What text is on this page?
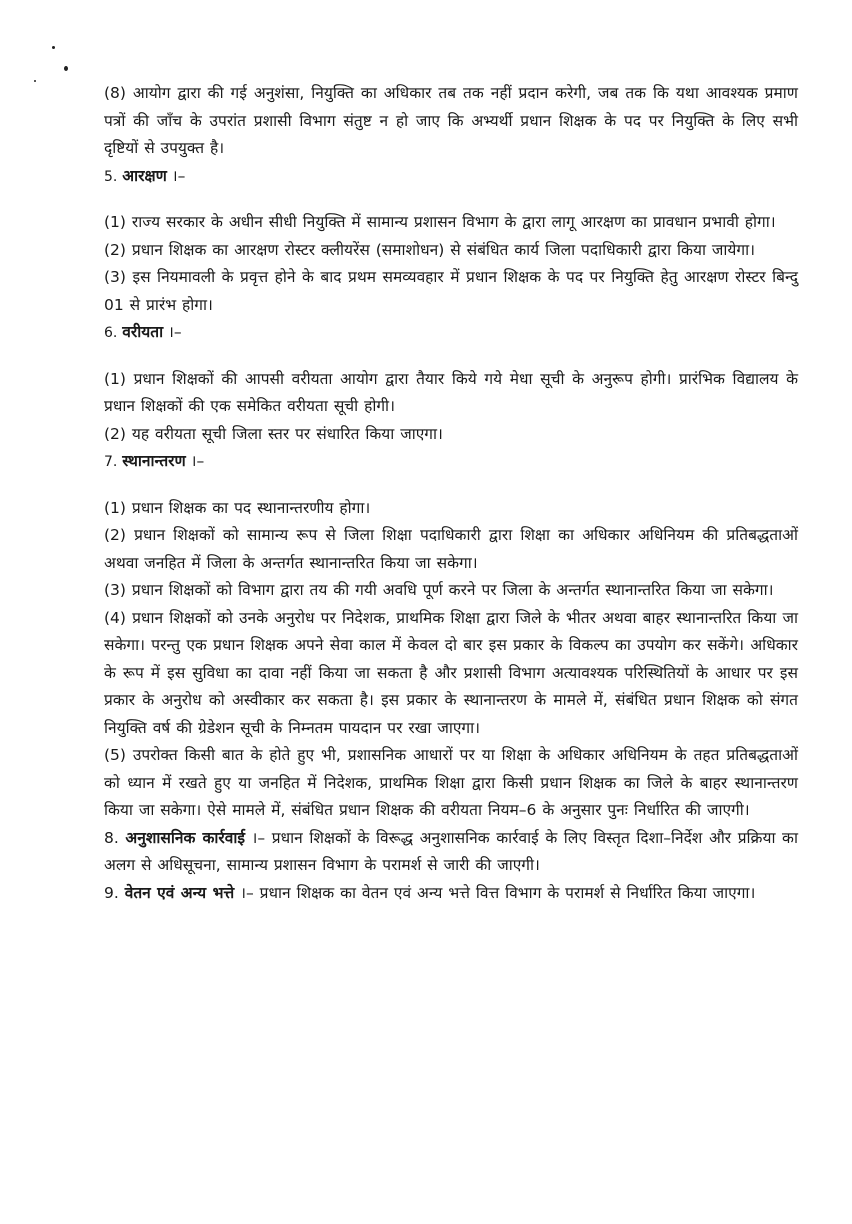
(8) आयोग द्वारा की गई अनुशंसा, नियुक्ति का अधिकार तब तक नहीं प्रदान करेगी, जब तक कि यथा आवश्यक प्रमाण पत्रों की जाँच के उपरांत प्रशासी विभाग संतुष्ट न हो जाए कि अभ्यर्थी प्रधान शिक्षक के पद पर नियुक्ति के लिए सभी दृष्टियों से उपयुक्त है।

5. आरक्षण ।–

(1) राज्य सरकार के अधीन सीधी नियुक्ति में सामान्य प्रशासन विभाग के द्वारा लागू आरक्षण का प्रावधान प्रभावी होगा।

(2) प्रधान शिक्षक का आरक्षण रोस्टर क्लीयरेंस (समाशोधन) से संबंधित कार्य जिला पदाधिकारी द्वारा किया जायेगा।

(3) इस नियमावली के प्रवृत्त होने के बाद प्रथम समव्यवहार में प्रधान शिक्षक के पद पर नियुक्ति हेतु आरक्षण रोस्टर बिन्दु 01 से प्रारंभ होगा।

6. वरीयता ।–

(1) प्रधान शिक्षकों की आपसी वरीयता आयोग द्वारा तैयार किये गये मेधा सूची के अनुरूप होगी। प्रारंभिक विद्यालय के प्रधान शिक्षकों की एक समेकित वरीयता सूची होगी।

(2) यह वरीयता सूची जिला स्तर पर संधारित किया जाएगा।

7. स्थानान्तरण ।–

(1) प्रधान शिक्षक का पद स्थानान्तरणीय होगा।

(2) प्रधान शिक्षकों को सामान्य रूप से जिला शिक्षा पदाधिकारी द्वारा शिक्षा का अधिकार अधिनियम की प्रतिबद्धताओं अथवा जनहित में जिला के अन्तर्गत स्थानान्तरित किया जा सकेगा।

(3) प्रधान शिक्षकों को विभाग द्वारा तय की गयी अवधि पूर्ण करने पर जिला के अन्तर्गत स्थानान्तरित किया जा सकेगा।

(4) प्रधान शिक्षकों को उनके अनुरोध पर निदेशक, प्राथमिक शिक्षा द्वारा जिले के भीतर अथवा बाहर स्थानान्तरित किया जा सकेगा। परन्तु एक प्रधान शिक्षक अपने सेवा काल में केवल दो बार इस प्रकार के विकल्प का उपयोग कर सकेंगे। अधिकार के रूप में इस सुविधा का दावा नहीं किया जा सकता है और प्रशासी विभाग अत्यावश्यक परिस्थितियों के आधार पर इस प्रकार के अनुरोध को अस्वीकार कर सकता है। इस प्रकार के स्थानान्तरण के मामले में, संबंधित प्रधान शिक्षक को संगत नियुक्ति वर्ष की ग्रेडेशन सूची के निम्नतम पायदान पर रखा जाएगा।

(5) उपरोक्त किसी बात के होते हुए भी, प्रशासनिक आधारों पर या शिक्षा के अधिकार अधिनियम के तहत प्रतिबद्धताओं को ध्यान में रखते हुए या जनहित में निदेशक, प्राथमिक शिक्षा द्वारा किसी प्रधान शिक्षक का जिले के बाहर स्थानान्तरण किया जा सकेगा। ऐसे मामले में, संबंधित प्रधान शिक्षक की वरीयता नियम–6 के अनुसार पुनः निर्धारित की जाएगी।

8. अनुशासनिक कार्रवाई ।– प्रधान शिक्षकों के विरूद्ध अनुशासनिक कार्रवाई के लिए विस्तृत दिशा–निर्देश और प्रक्रिया का अलग से अधिसूचना, सामान्य प्रशासन विभाग के परामर्श से जारी की जाएगी।

9. वेतन एवं अन्य भत्ते ।– प्रधान शिक्षक का वेतन एवं अन्य भत्ते वित्त विभाग के परामर्श से निर्धारित किया जाएगा।
